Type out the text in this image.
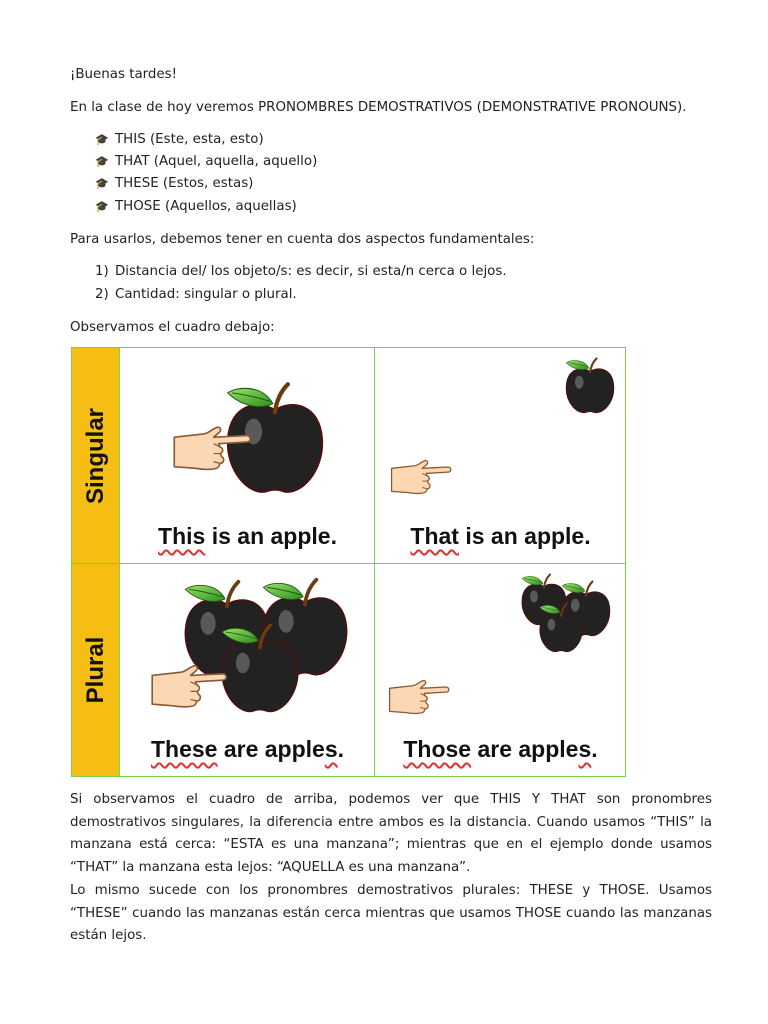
¡Buenas tardes!
En la clase de hoy veremos PRONOMBRES DEMOSTRATIVOS (DEMONSTRATIVE PRONOUNS).
🎓 THIS (Este, esta, esto)
🎓 THAT (Aquel, aquella, aquello)
🎓 THESE (Estos, estas)
🎓 THOSE (Aquellos, aquellas)
Para usarlos, debemos tener en cuenta dos aspectos fundamentales:
1) Distancia del/ los objeto/s: es decir, si esta/n cerca o lejos.
2) Cantidad: singular o plural.
Observamos el cuadro debajo:
Si observamos el cuadro de arriba, podemos ver que THIS Y THAT son pronombres demostrativos singulares, la diferencia entre ambos es la distancia. Cuando usamos “THIS” la manzana está cerca: “ESTA es una manzana”; mientras que en el ejemplo donde usamos “THAT” la manzana esta lejos: “AQUELLA es una manzana”.
Lo mismo sucede con los pronombres demostrativos plurales: THESE y THOSE. Usamos “THESE” cuando las manzanas están cerca mientras que usamos THOSE cuando las manzanas están lejos.
Singular
Plural
This is an apple.	That is an apple.
These are apples.	Those are apples.
